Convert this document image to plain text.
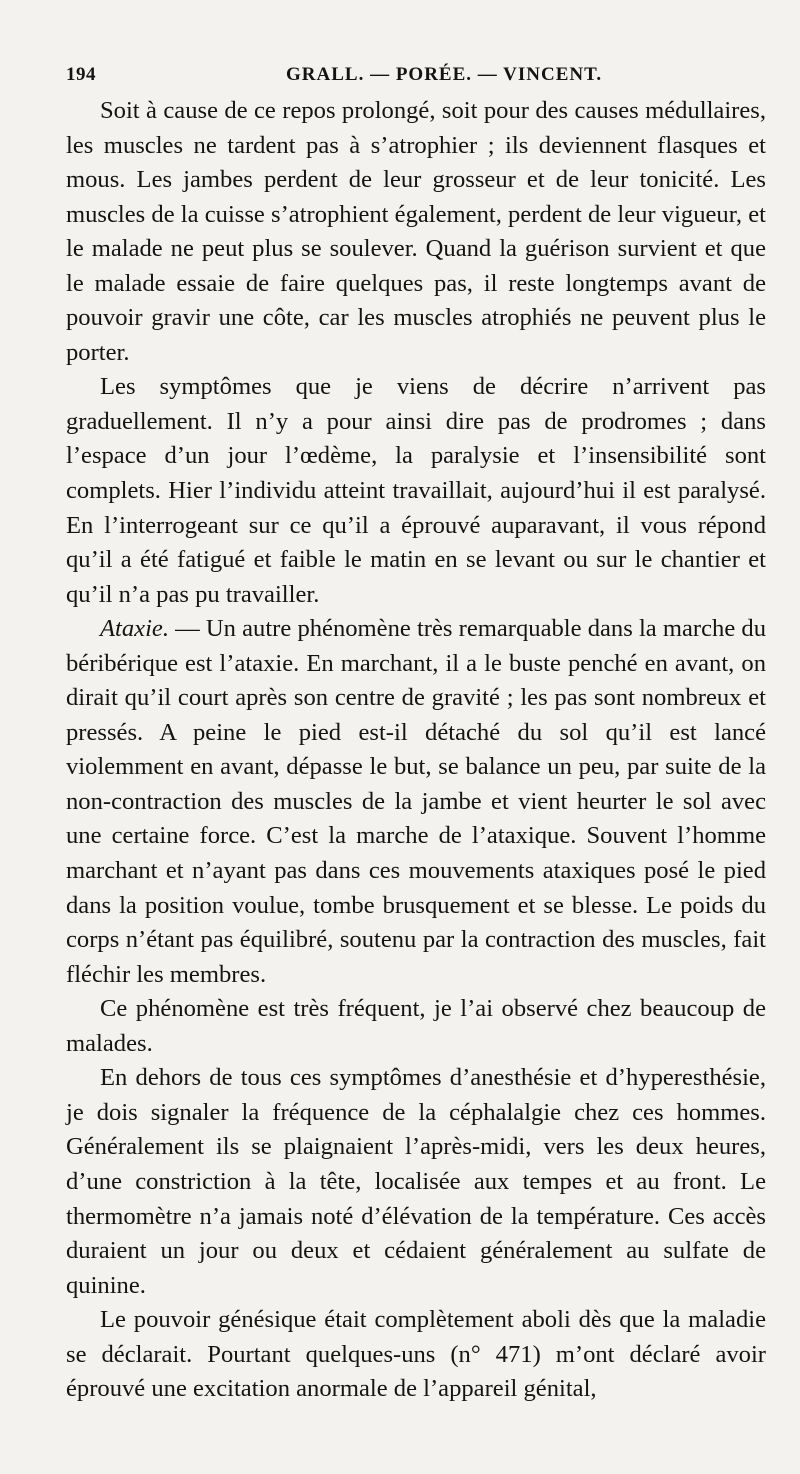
194	GRALL. — PORÉE. — VINCENT.

Soit à cause de ce repos prolongé, soit pour des causes médullaires, les muscles ne tardent pas à s’atrophier ; ils deviennent flasques et mous. Les jambes perdent de leur grosseur et de leur tonicité. Les muscles de la cuisse s’atrophient également, perdent de leur vigueur, et le malade ne peut plus se soulever. Quand la guérison survient et que le malade essaie de faire quelques pas, il reste longtemps avant de pouvoir gravir une côte, car les muscles atrophiés ne peuvent plus le porter.

Les symptômes que je viens de décrire n’arrivent pas graduellement. Il n’y a pour ainsi dire pas de prodromes ; dans l’espace d’un jour l’œdème, la paralysie et l’insensibilité sont complets. Hier l’individu atteint travaillait, aujourd’hui il est paralysé. En l’interrogeant sur ce qu’il a éprouvé auparavant, il vous répond qu’il a été fatigué et faible le matin en se levant ou sur le chantier et qu’il n’a pas pu travailler.

Ataxie. — Un autre phénomène très remarquable dans la marche du béribérique est l’ataxie. En marchant, il a le buste penché en avant, on dirait qu’il court après son centre de gravité ; les pas sont nombreux et pressés. A peine le pied est-il détaché du sol qu’il est lancé violemment en avant, dépasse le but, se balance un peu, par suite de la non-contraction des muscles de la jambe et vient heurter le sol avec une certaine force. C’est la marche de l’ataxique. Souvent l’homme marchant et n’ayant pas dans ces mouvements ataxiques posé le pied dans la position voulue, tombe brusquement et se blesse. Le poids du corps n’étant pas équilibré, soutenu par la contraction des muscles, fait fléchir les membres.

Ce phénomène est très fréquent, je l’ai observé chez beaucoup de malades.

En dehors de tous ces symptômes d’anesthésie et d’hyperesthésie, je dois signaler la fréquence de la céphalalgie chez ces hommes. Généralement ils se plaignaient l’après-midi, vers les deux heures, d’une constriction à la tête, localisée aux tempes et au front. Le thermomètre n’a jamais noté d’élévation de la température. Ces accès duraient un jour ou deux et cédaient généralement au sulfate de quinine.

Le pouvoir génésique était complètement aboli dès que la maladie se déclarait. Pourtant quelques-uns (n° 471) m’ont déclaré avoir éprouvé une excitation anormale de l’appareil génital,
